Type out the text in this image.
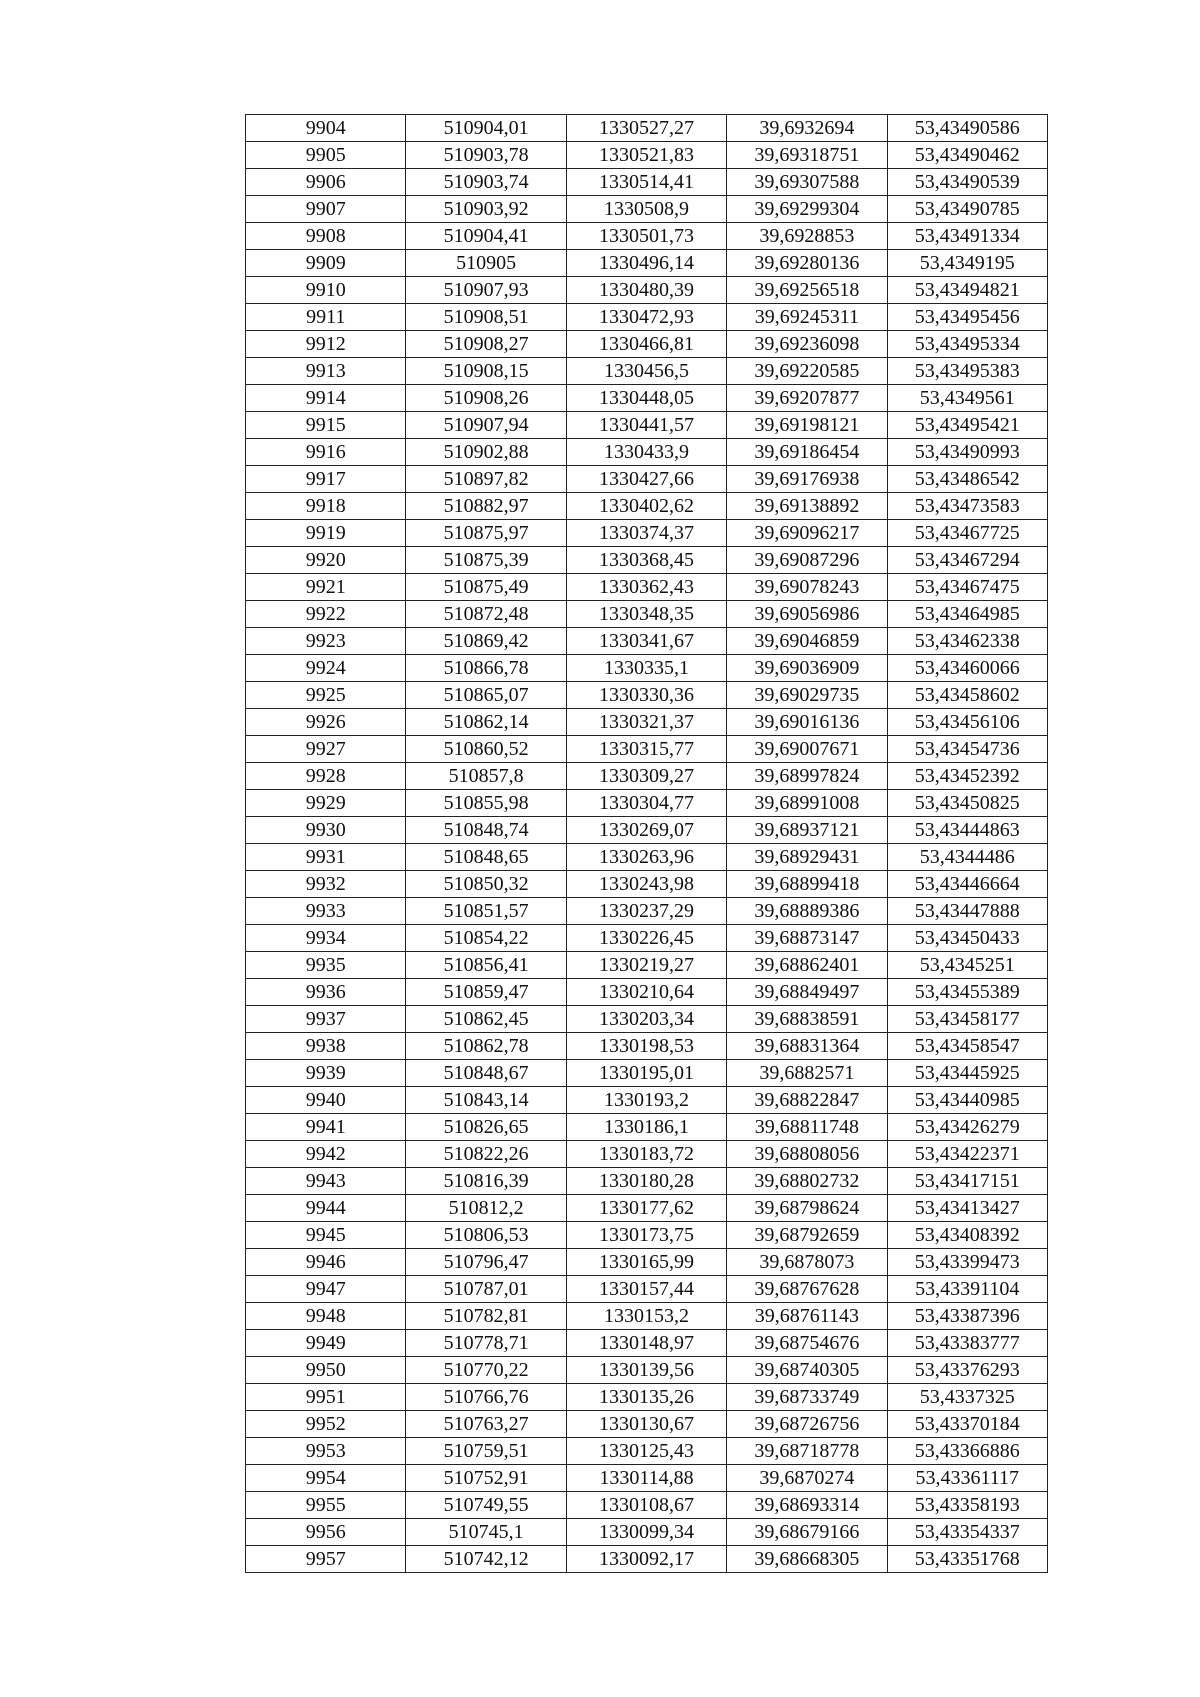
9904	510904,01	1330527,27	39,6932694	53,43490586
9905	510903,78	1330521,83	39,69318751	53,43490462
9906	510903,74	1330514,41	39,69307588	53,43490539
9907	510903,92	1330508,9	39,69299304	53,43490785
9908	510904,41	1330501,73	39,6928853	53,43491334
9909	510905	1330496,14	39,69280136	53,4349195
9910	510907,93	1330480,39	39,69256518	53,43494821
9911	510908,51	1330472,93	39,69245311	53,43495456
9912	510908,27	1330466,81	39,69236098	53,43495334
9913	510908,15	1330456,5	39,69220585	53,43495383
9914	510908,26	1330448,05	39,69207877	53,4349561
9915	510907,94	1330441,57	39,69198121	53,43495421
9916	510902,88	1330433,9	39,69186454	53,43490993
9917	510897,82	1330427,66	39,69176938	53,43486542
9918	510882,97	1330402,62	39,69138892	53,43473583
9919	510875,97	1330374,37	39,69096217	53,43467725
9920	510875,39	1330368,45	39,69087296	53,43467294
9921	510875,49	1330362,43	39,69078243	53,43467475
9922	510872,48	1330348,35	39,69056986	53,43464985
9923	510869,42	1330341,67	39,69046859	53,43462338
9924	510866,78	1330335,1	39,69036909	53,43460066
9925	510865,07	1330330,36	39,69029735	53,43458602
9926	510862,14	1330321,37	39,69016136	53,43456106
9927	510860,52	1330315,77	39,69007671	53,43454736
9928	510857,8	1330309,27	39,68997824	53,43452392
9929	510855,98	1330304,77	39,68991008	53,43450825
9930	510848,74	1330269,07	39,68937121	53,43444863
9931	510848,65	1330263,96	39,68929431	53,4344486
9932	510850,32	1330243,98	39,68899418	53,43446664
9933	510851,57	1330237,29	39,68889386	53,43447888
9934	510854,22	1330226,45	39,68873147	53,43450433
9935	510856,41	1330219,27	39,68862401	53,4345251
9936	510859,47	1330210,64	39,68849497	53,43455389
9937	510862,45	1330203,34	39,68838591	53,43458177
9938	510862,78	1330198,53	39,68831364	53,43458547
9939	510848,67	1330195,01	39,6882571	53,43445925
9940	510843,14	1330193,2	39,68822847	53,43440985
9941	510826,65	1330186,1	39,68811748	53,43426279
9942	510822,26	1330183,72	39,68808056	53,43422371
9943	510816,39	1330180,28	39,68802732	53,43417151
9944	510812,2	1330177,62	39,68798624	53,43413427
9945	510806,53	1330173,75	39,68792659	53,43408392
9946	510796,47	1330165,99	39,6878073	53,43399473
9947	510787,01	1330157,44	39,68767628	53,43391104
9948	510782,81	1330153,2	39,68761143	53,43387396
9949	510778,71	1330148,97	39,68754676	53,43383777
9950	510770,22	1330139,56	39,68740305	53,43376293
9951	510766,76	1330135,26	39,68733749	53,4337325
9952	510763,27	1330130,67	39,68726756	53,43370184
9953	510759,51	1330125,43	39,68718778	53,43366886
9954	510752,91	1330114,88	39,6870274	53,43361117
9955	510749,55	1330108,67	39,68693314	53,43358193
9956	510745,1	1330099,34	39,68679166	53,43354337
9957	510742,12	1330092,17	39,68668305	53,43351768
